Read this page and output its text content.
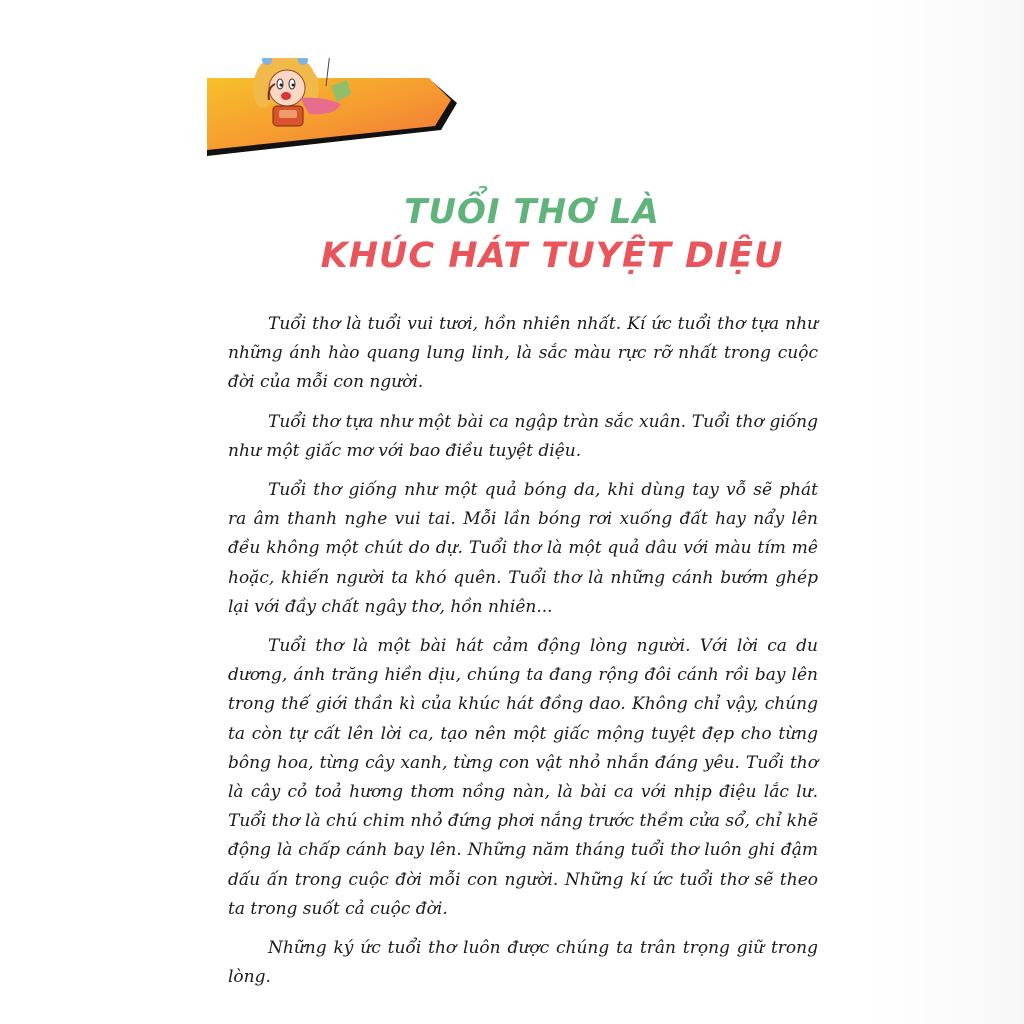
TUỔI THƠ LÀ
KHÚC HÁT TUYỆT DIỆU

Tuổi thơ là tuổi vui tươi, hồn nhiên nhất. Kí ức tuổi thơ tựa như những ánh hào quang lung linh, là sắc màu rực rỡ nhất trong cuộc đời của mỗi con người.

Tuổi thơ tựa như một bài ca ngập tràn sắc xuân. Tuổi thơ giống như một giấc mơ với bao điều tuyệt diệu.

Tuổi thơ giống như một quả bóng da, khi dùng tay vỗ sẽ phát ra âm thanh nghe vui tai. Mỗi lần bóng rơi xuống đất hay nẩy lên đều không một chút do dự. Tuổi thơ là một quả dâu với màu tím mê hoặc, khiến người ta khó quên. Tuổi thơ là những cánh bướm ghép lại với đầy chất ngây thơ, hồn nhiên...

Tuổi thơ là một bài hát cảm động lòng người. Với lời ca du dương, ánh trăng hiền dịu, chúng ta đang rộng đôi cánh rồi bay lên trong thế giới thần kì của khúc hát đồng dao. Không chỉ vậy, chúng ta còn tự cất lên lời ca, tạo nên một giấc mộng tuyệt đẹp cho từng bông hoa, từng cây xanh, từng con vật nhỏ nhắn đáng yêu. Tuổi thơ là cây cỏ toả hương thơm nồng nàn, là bài ca với nhịp điệu lắc lư. Tuổi thơ là chú chim nhỏ đứng phơi nắng trước thềm cửa sổ, chỉ khẽ động là chấp cánh bay lên. Những năm tháng tuổi thơ luôn ghi đậm dấu ấn trong cuộc đời mỗi con người. Những kí ức tuổi thơ sẽ theo ta trong suốt cả cuộc đời.

Những ký ức tuổi thơ luôn được chúng ta trân trọng giữ trong lòng.
